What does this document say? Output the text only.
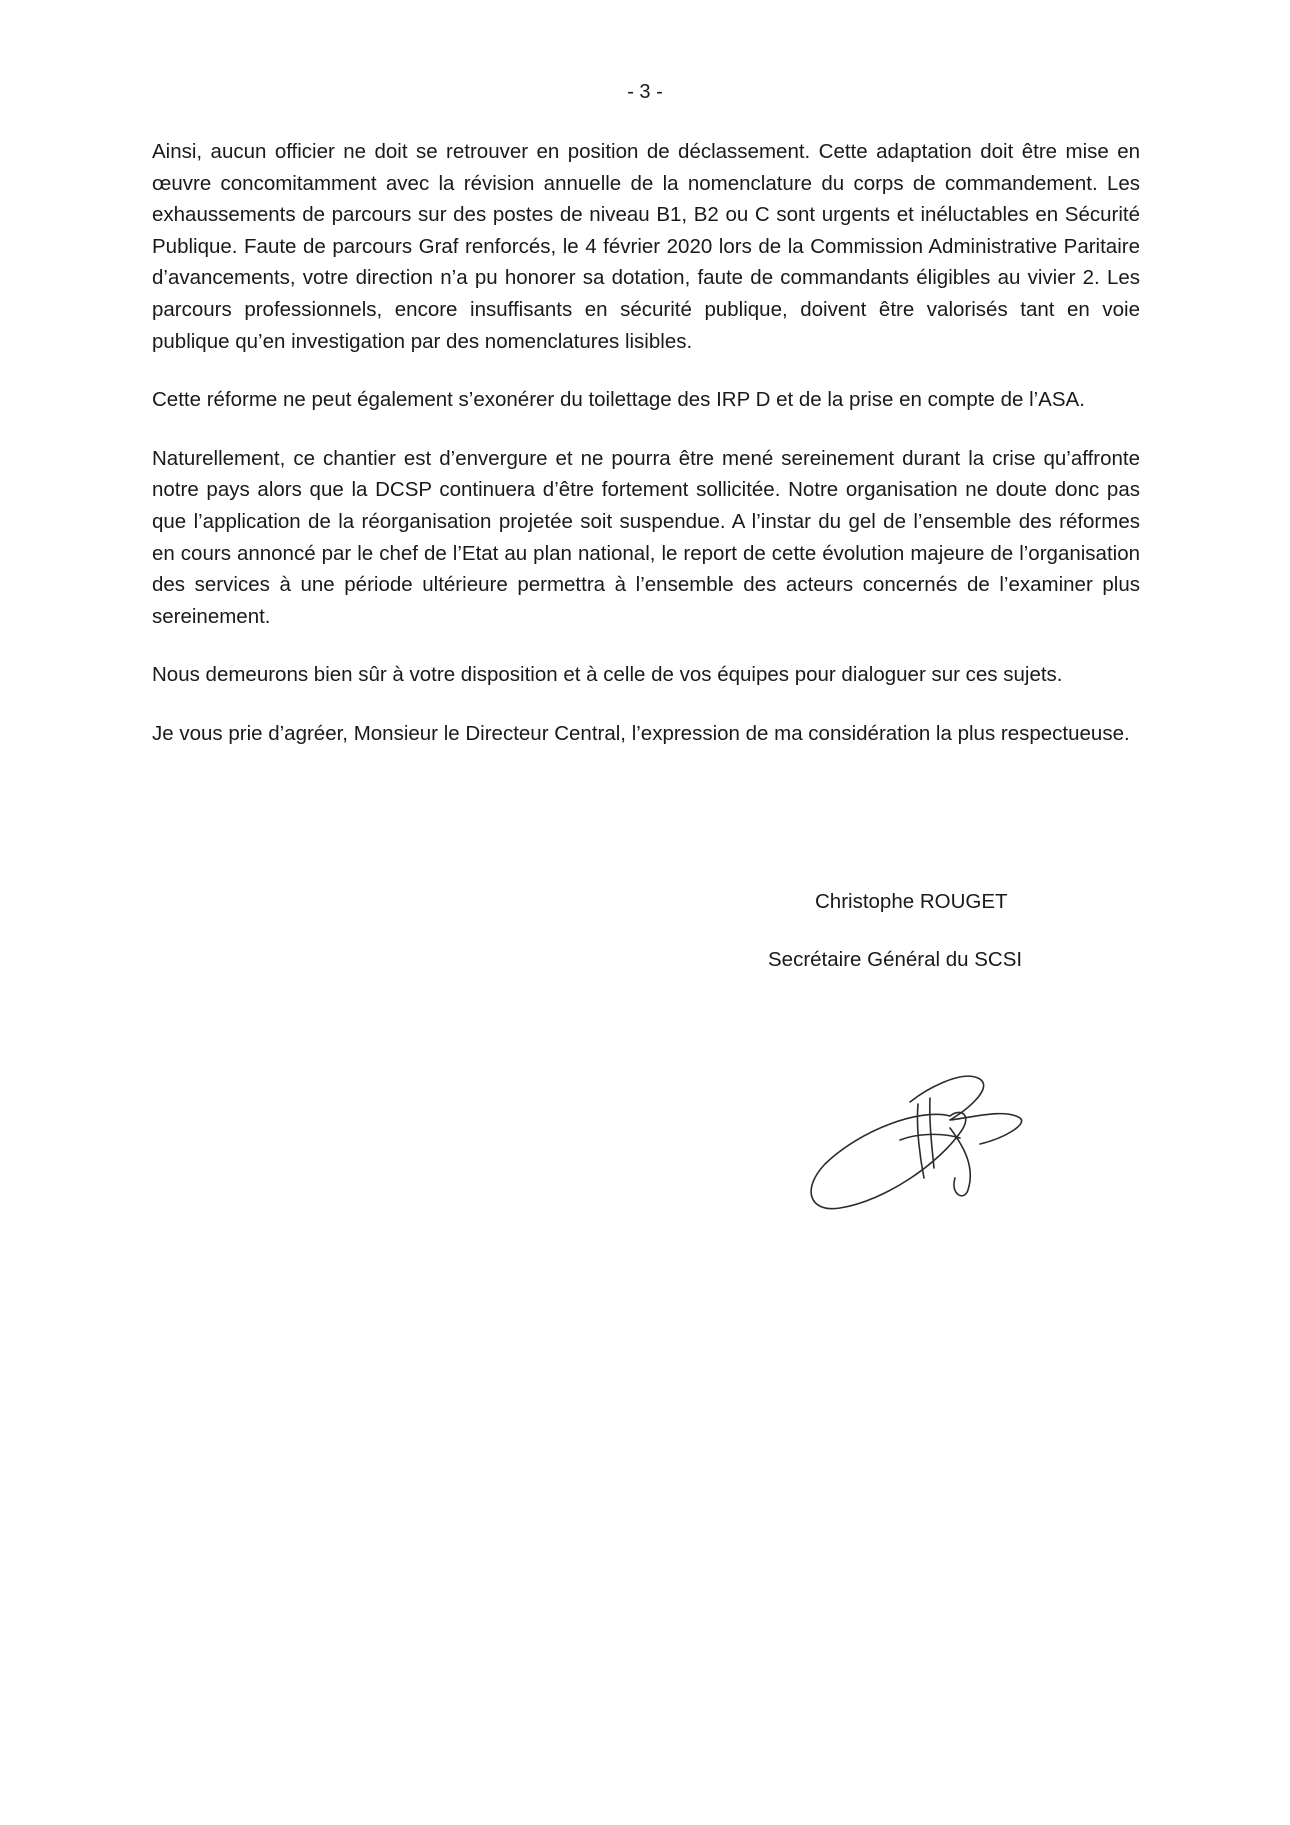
- 3 -

Ainsi, aucun officier ne doit se retrouver en position de déclassement. Cette adaptation doit être mise en œuvre concomitamment avec la révision annuelle de la nomenclature du corps de commandement. Les exhaussements de parcours sur des postes de niveau B1, B2 ou C sont urgents et inéluctables en Sécurité Publique. Faute de parcours Graf renforcés, le 4 février 2020 lors de la Commission Administrative Paritaire d’avancements, votre direction n’a pu honorer sa dotation, faute de commandants éligibles au vivier 2. Les parcours professionnels, encore insuffisants en sécurité publique, doivent être valorisés tant en voie publique qu’en investigation par des nomenclatures lisibles.

Cette réforme ne peut également s’exonérer du toilettage des IRP D et de la prise en compte de l’ASA.

Naturellement, ce chantier est d’envergure et ne pourra être mené sereinement durant la crise qu’affronte notre pays alors que la DCSP continuera d’être fortement sollicitée. Notre organisation ne doute donc pas que l’application de la réorganisation projetée soit suspendue. A l’instar du gel de l’ensemble des réformes en cours annoncé par le chef de l’Etat au plan national, le report de cette évolution majeure de l’organisation des services à une période ultérieure permettra à l’ensemble des acteurs concernés de l’examiner plus sereinement.

Nous demeurons bien sûr à votre disposition et à celle de vos équipes pour dialoguer sur ces sujets.

Je vous prie d’agréer, Monsieur le Directeur Central, l’expression de ma considération la plus respectueuse.

Christophe ROUGET
Secrétaire Général du SCSI
